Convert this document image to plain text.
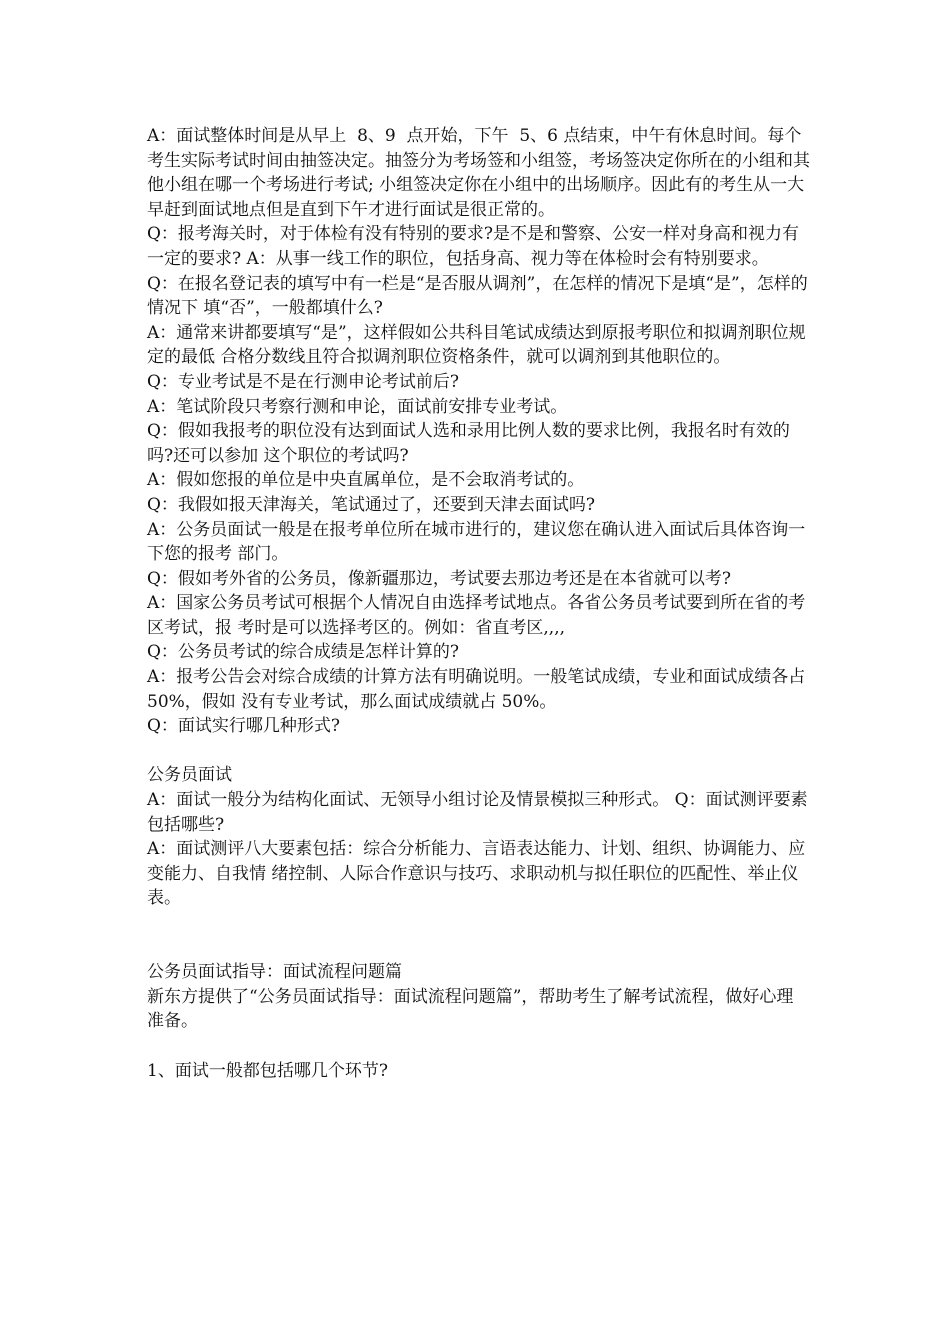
A：面试整体时间是从早上  8、9  点开始，下午  5、6 点结束，中午有休息时间。每个考生实际考试时间由抽签决定。抽签分为考场签和小组签，考场签决定你所在的小组和其他小组在哪一个考场进行考试; 小组签决定你在小组中的出场顺序。因此有的考生从一大早赶到面试地点但是直到下午才进行面试是很正常的。

Q：报考海关时，对于体检有没有特别的要求?是不是和警察、公安一样对身高和视力有一定的要求? A：从事一线工作的职位，包括身高、视力等在体检时会有特别要求。

Q：在报名登记表的填写中有一栏是“是否服从调剂”，在怎样的情况下是填“是”，怎样的情况下 填“否”，一般都填什么?

A：通常来讲都要填写“是”，这样假如公共科目笔试成绩达到原报考职位和拟调剂职位规定的最低 合格分数线且符合拟调剂职位资格条件，就可以调剂到其他职位的。

Q：专业考试是不是在行测申论考试前后?

A：笔试阶段只考察行测和申论，面试前安排专业考试。

Q：假如我报考的职位没有达到面试人选和录用比例人数的要求比例，我报名时有效的吗?还可以参加 这个职位的考试吗?

A：假如您报的单位是中央直属单位，是不会取消考试的。

Q：我假如报天津海关，笔试通过了，还要到天津去面试吗?

A：公务员面试一般是在报考单位所在城市进行的，建议您在确认进入面试后具体咨询一下您的报考 部门。

Q：假如考外省的公务员，像新疆那边，考试要去那边考还是在本省就可以考?

A：国家公务员考试可根据个人情况自由选择考试地点。各省公务员考试要到所在省的考区考试，报 考时是可以选择考区的。例如：省直考区,,,,

Q：公务员考试的综合成绩是怎样计算的?

A：报考公告会对综合成绩的计算方法有明确说明。一般笔试成绩，专业和面试成绩各占 50%，假如 没有专业考试，那么面试成绩就占 50%。

Q：面试实行哪几种形式?

公务员面试

A：面试一般分为结构化面试、无领导小组讨论及情景模拟三种形式。 Q：面试测评要素包括哪些?

A：面试测评八大要素包括：综合分析能力、言语表达能力、计划、组织、协调能力、应变能力、自我情 绪控制、人际合作意识与技巧、求职动机与拟任职位的匹配性、举止仪表。

公务员面试指导：面试流程问题篇

新东方提供了“公务员面试指导：面试流程问题篇”，帮助考生了解考试流程，做好心理准备。

1、面试一般都包括哪几个环节?
